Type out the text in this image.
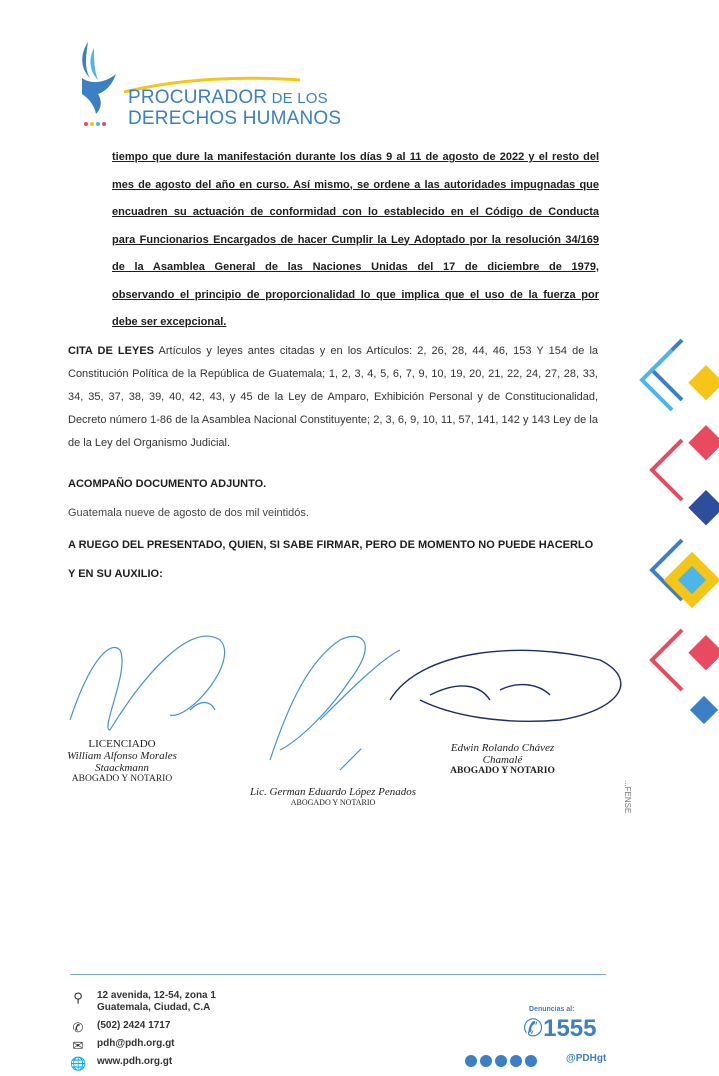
PROCURADOR DE LOS
DERECHOS HUMANOS

tiempo que dure la manifestación durante los días 9 al 11 de agosto de 2022 y el resto del

mes de agosto del año en curso. Así mismo, se ordene a las autoridades impugnadas que

encuadren su actuación de conformidad con lo establecido en el Código de Conducta

para Funcionarios Encargados de hacer Cumplir la Ley Adoptado por la resolución 34/169

de la Asamblea General de las Naciones Unidas del 17 de diciembre de 1979,

observando el principio de proporcionalidad lo que implica que el uso de la fuerza por

debe ser excepcional.

CITA DE LEYES Artículos y leyes antes citadas y en los Artículos: 2, 26, 28, 44, 46, 153 Y 154 de la Constitución Política de la República de Guatemala; 1, 2, 3, 4, 5, 6, 7, 9, 10, 19, 20, 21, 22, 24, 27, 28, 33, 34, 35, 37, 38, 39, 40, 42, 43, y 45 de la Ley de Amparo, Exhibición Personal y de Constitucionalidad, Decreto número 1-86 de la Asamblea Nacional Constituyente; 2, 3, 6, 9, 10, 11, 57, 141, 142 y 143 Ley de la de la Ley del Organismo Judicial.
ACOMPAÑO DOCUMENTO ADJUNTO.
Guatemala nueve de agosto de dos mil veintidós.
A RUEGO DEL PRESENTADO, QUIEN, SI SABE FIRMAR, PERO DE MOMENTO NO PUEDE HACERLO Y EN SU AUXILIO:
LICENCIADO
William Alfonso Morales Staackmann
ABOGADO Y NOTARIO
Lic. German Eduardo López Penados
ABOGADO Y NOTARIO
Edwin Rolando Chávez Chamalé
ABOGADO Y NOTARIO
...FENSE
⚲	12 avenida, 12-54, zona 1
Guatemala, Ciudad, C.A
✆ (502) 2424 1717
✉ pdh@pdh.org.gt
🌐 www.pdh.org.gt
Denuncias al:
✆1555
@PDHgt
